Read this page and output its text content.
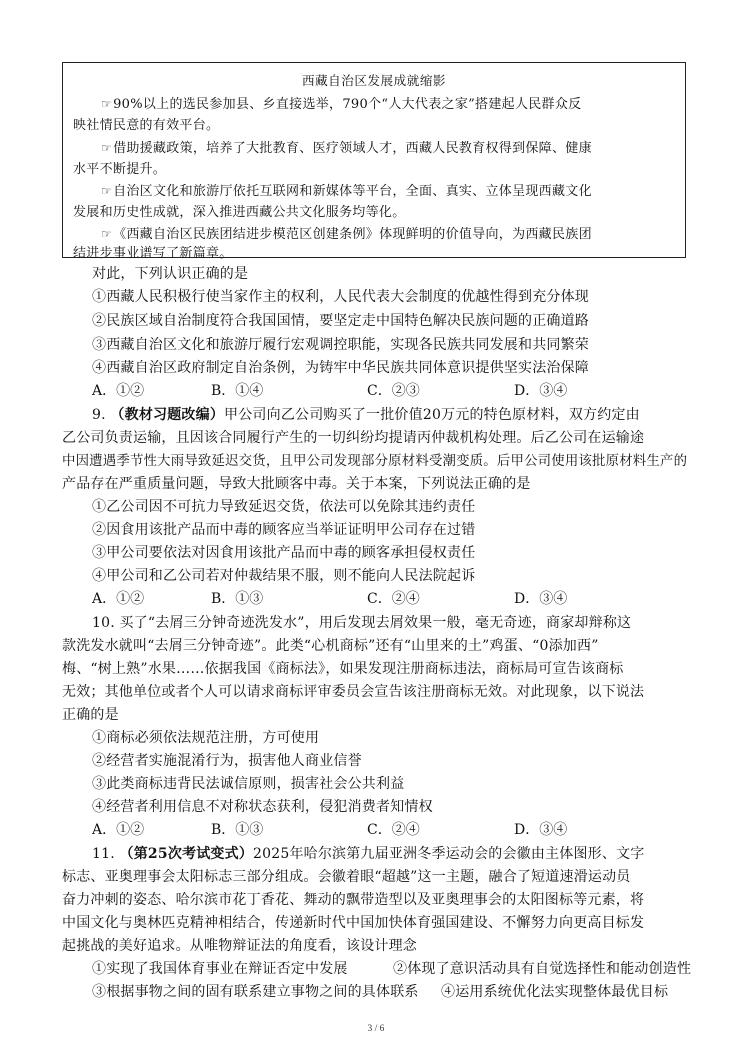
西藏自治区发展成就缩影
☞90%以上的选民参加县、乡直接选举，790个“人大代表之家”搭建起人民群众反
映社情民意的有效平台。
☞借助援藏政策，培养了大批教育、医疗领域人才，西藏人民教育权得到保障、健康
水平不断提升。
☞自治区文化和旅游厅依托互联网和新媒体等平台，全面、真实、立体呈现西藏文化
发展和历史性成就，深入推进西藏公共文化服务均等化。
☞《西藏自治区民族团结进步模范区创建条例》体现鲜明的价值导向，为西藏民族团
结进步事业谱写了新篇章。
对此，下列认识正确的是
①西藏人民积极行使当家作主的权利，人民代表大会制度的优越性得到充分体现
②民族区域自治制度符合我国国情，要坚定走中国特色解决民族问题的正确道路
③西藏自治区文化和旅游厅履行宏观调控职能，实现各民族共同发展和共同繁荣
④西藏自治区政府制定自治条例，为铸牢中华民族共同体意识提供坚实法治保障
A．①②	B．①④	C．②③	D．③④
9. （教材习题改编）甲公司向乙公司购买了一批价值20万元的特色原材料，双方约定由
乙公司负责运输，且因该合同履行产生的一切纠纷均提请丙仲裁机构处理。后乙公司在运输途
中因遭遇季节性大雨导致延迟交货，且甲公司发现部分原材料受潮变质。后甲公司使用该批原材料生产的
产品存在严重质量问题，导致大批顾客中毒。关于本案，下列说法正确的是
①乙公司因不可抗力导致延迟交货，依法可以免除其违约责任
②因食用该批产品而中毒的顾客应当举证证明甲公司存在过错
③甲公司要依法对因食用该批产品而中毒的顾客承担侵权责任
④甲公司和乙公司若对仲裁结果不服，则不能向人民法院起诉
A．①②	B．①③	C．②④	D．③④
10. 买了“去屑三分钟奇迹洗发水”，用后发现去屑效果一般，毫无奇迹，商家却辩称这
款洗发水就叫“去屑三分钟奇迹”。此类“心机商标”还有“山里来的土”鸡蛋、“0添加西”
梅、“树上熟”水果……依据我国《商标法》，如果发现注册商标违法，商标局可宣告该商标
无效；其他单位或者个人可以请求商标评审委员会宣告该注册商标无效。对此现象，以下说法
正确的是
①商标必须依法规范注册，方可使用
②经营者实施混淆行为，损害他人商业信誉
③此类商标违背民法诚信原则，损害社会公共利益
④经营者利用信息不对称状态获利，侵犯消费者知情权
A．①②	B．①③	C．②④	D．③④
11. （第25次考试变式）2025年哈尔滨第九届亚洲冬季运动会的会徽由主体图形、文字
标志、亚奥理事会太阳标志三部分组成。会徽着眼“超越”这一主题，融合了短道速滑运动员
奋力冲刺的姿态、哈尔滨市花丁香花、舞动的飘带造型以及亚奥理事会的太阳图标等元素，将
中国文化与奥林匹克精神相结合，传递新时代中国加快体育强国建设、不懈努力向更高目标发
起挑战的美好追求。从唯物辩证法的角度看，该设计理念
①实现了我国体育事业在辩证否定中发展	②体现了意识活动具有自觉选择性和能动创造性
③根据事物之间的固有联系建立事物之间的具体联系 ④运用系统优化法实现整体最优目标
3 / 6
